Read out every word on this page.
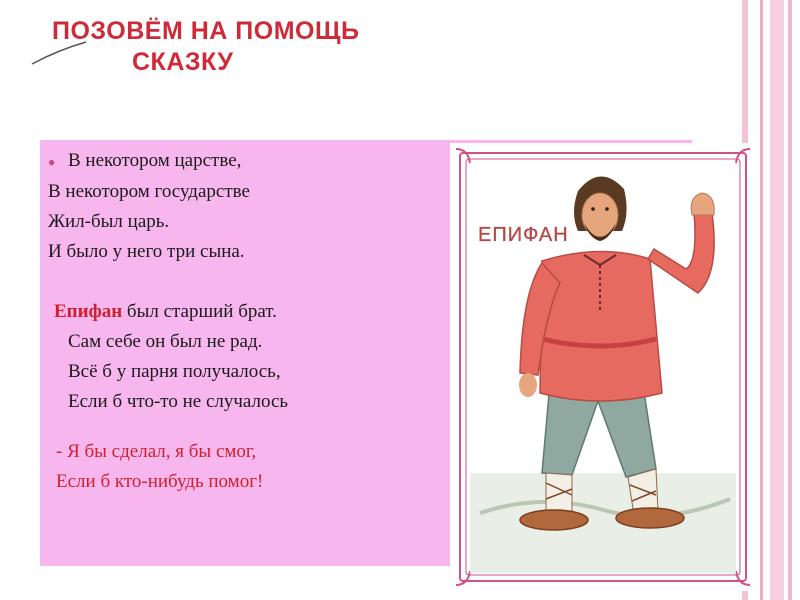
ПОЗОВЁМ НА ПОМОЩЬ
СКАЗКУ
● В некотором царстве,
В некотором государстве
Жил-был царь.
И было у него три сына.
Епифан был старший брат.
Сам себе он был не рад.
Всё б у парня получалось,
Если б что-то не случалось
- Я бы сделал, я бы смог,
Если б кто-нибудь помог!
ЕПИФАН
